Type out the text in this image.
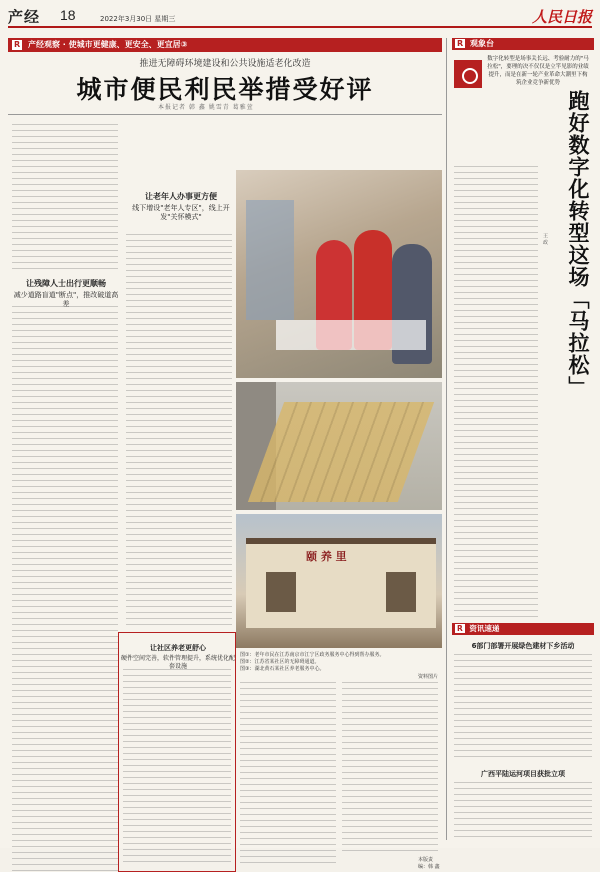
产经 18	2022年3月30日 星期三	人民日报
R 产经观察 · 使城市更健康、更安全、更宜居③
推进无障碍环境建设和公共设施适老化改造
城市便民利民举措受好评
本报记者 韩 鑫 姚雪青 葛雅萱
让残障人士出行更顺畅
减少道路盲道"断点"，推改破道高差
让老年人办事更方便
线下增设"老年人专区"，线上开发"关怀模式"
颐 养 里
图①：老年市民在江苏南京市江宁区政务服务中心得到帮办服务。
图②：江苏省某社区的无障碍通道。
图③：湖北黄石某社区养老服务中心。
资料图片
让社区养老更舒心
硬件空间完善，软件管理提升，系统优化配套设施
本版责编：韩 鑫
R 观象台
数字化转型是场事关长远、考验耐力的"马拉松"，要理的决不仅仅是立竿见影的业绩提升，而是在新一轮产业革命大潮里下构筑企业竞争新优势
跑好数字化转型这场「马拉松」
王 政
R 资讯速递
6部门部署开展绿色建材下乡活动
广西平陆运河项目获批立项
